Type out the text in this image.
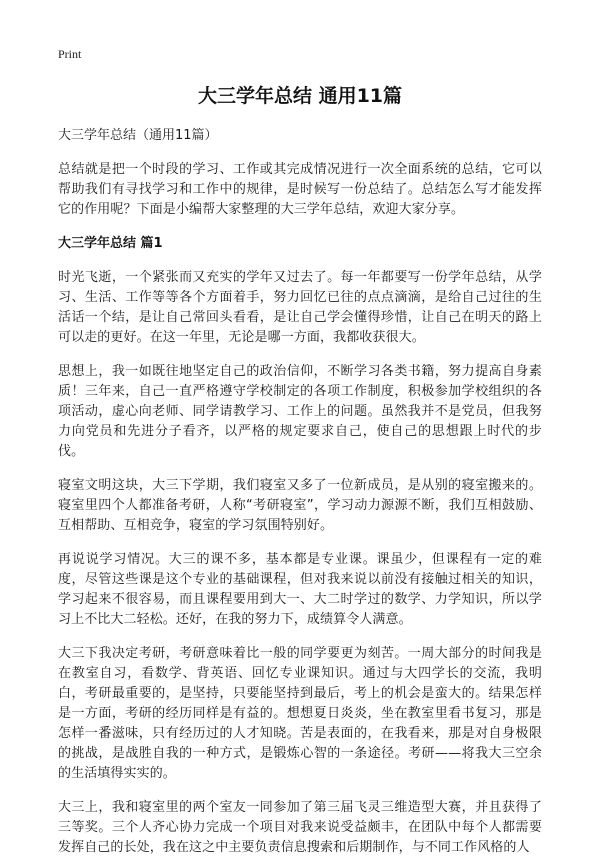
Print
大三学年总结 通用11篇
大三学年总结（通用11篇）

总结就是把一个时段的学习、工作或其完成情况进行一次全面系统的总结，它可以帮助我们有寻找学习和工作中的规律，是时候写一份总结了。总结怎么写才能发挥它的作用呢？下面是小编帮大家整理的大三学年总结，欢迎大家分享。

大三学年总结 篇1

时光飞逝，一个紧张而又充实的学年又过去了。每一年都要写一份学年总结，从学习、生活、工作等等各个方面着手，努力回忆已往的点点滴滴，是给自己过往的生活话一个结，是让自己常回头看看，是让自己学会懂得珍惜，让自己在明天的路上可以走的更好。在这一年里，无论是哪一方面，我都收获很大。

思想上，我一如既往地坚定自己的政治信仰，不断学习各类书籍，努力提高自身素质！三年来，自己一直严格遵守学校制定的各项工作制度，积极参加学校组织的各项活动，虚心向老师、同学请教学习、工作上的问题。虽然我并不是党员，但我努力向党员和先进分子看齐，以严格的规定要求自己，使自己的思想跟上时代的步伐。

寝室文明这块，大三下学期，我们寝室又多了一位新成员，是从别的寝室搬来的。寝室里四个人都准备考研，人称“考研寝室”，学习动力源源不断，我们互相鼓励、互相帮助、互相竞争，寝室的学习氛围特别好。

再说说学习情况。大三的课不多，基本都是专业课。课虽少，但课程有一定的难度，尽管这些课是这个专业的基础课程，但对我来说以前没有接触过相关的知识，学习起来不很容易，而且课程要用到大一、大二时学过的数学、力学知识，所以学习上不比大二轻松。还好，在我的努力下，成绩算令人满意。

大三下我决定考研，考研意味着比一般的同学要更为刻苦。一周大部分的时间我是在教室自习，看数学、背英语、回忆专业课知识。通过与大四学长的交流，我明白，考研最重要的，是坚持，只要能坚持到最后，考上的机会是蛮大的。结果怎样是一方面，考研的经历同样是有益的。想想夏日炎炎，坐在教室里看书复习，那是怎样一番滋味，只有经历过的人才知晓。苦是表面的，在我看来，那是对自身极限的挑战，是战胜自我的一种方式，是锻炼心智的一条途径。考研——将我大三空余的生活填得实实的。

大三上，我和寝室里的两个室友一同参加了第三届飞灵三维造型大赛，并且获得了三等奖。三个人齐心协力完成一个项目对我来说受益颇丰，在团队中每个人都需要发挥自己的长处，我在这之中主要负责信息搜索和后期制作，与不同工作风格的人
